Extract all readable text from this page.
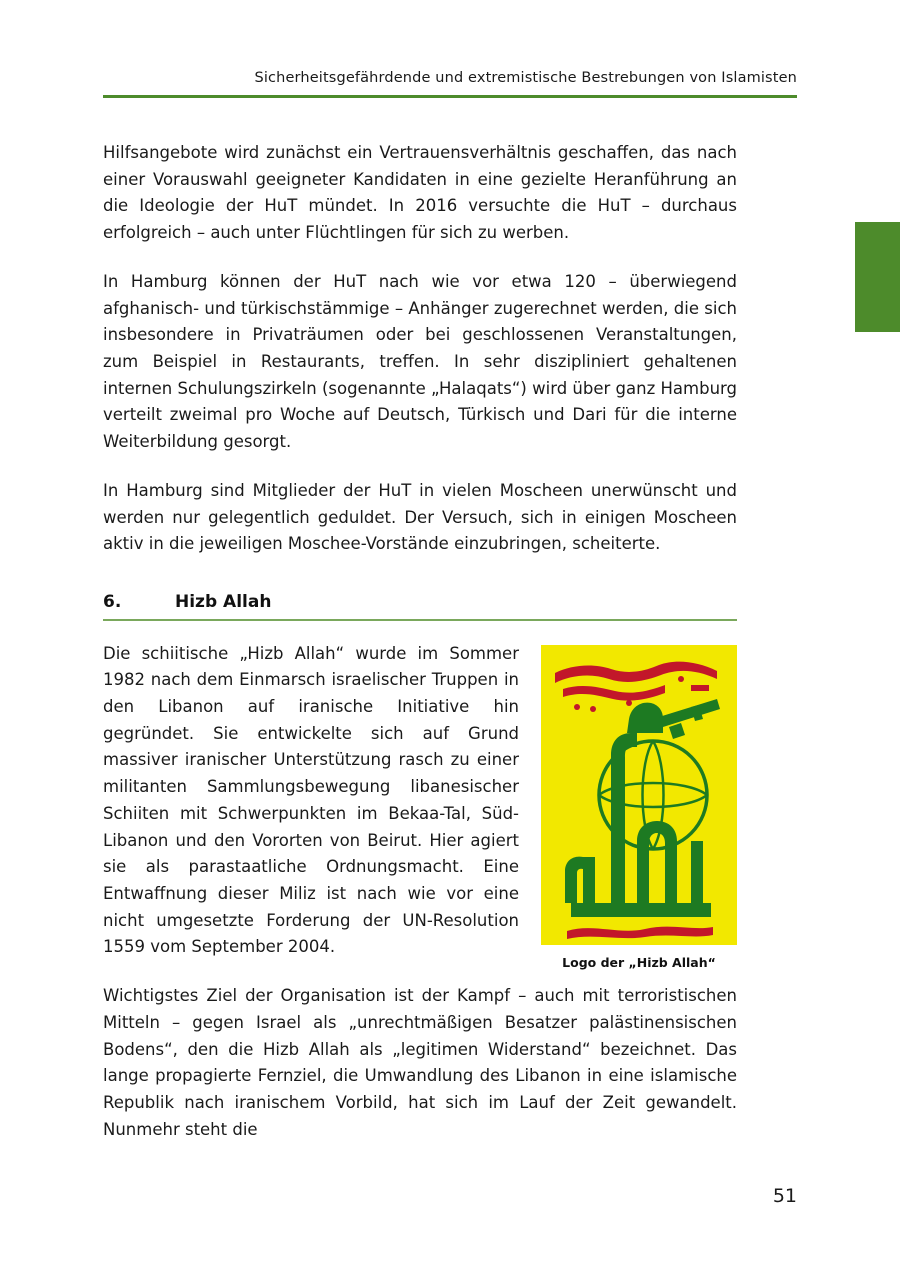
Sicherheitsgefährdende und extremistische Bestrebungen von Islamisten

Hilfsangebote wird zunächst ein Vertrauensverhältnis geschaffen, das nach einer Vorauswahl geeigneter Kandidaten in eine gezielte Heranführung an die Ideologie der HuT mündet. In 2016 versuchte die HuT – durchaus erfolgreich – auch unter Flüchtlingen für sich zu werben.

In Hamburg können der HuT nach wie vor etwa 120 – überwiegend afghanisch- und türkischstämmige – Anhänger zugerechnet werden, die sich insbesondere in Privaträumen oder bei geschlossenen Veranstaltungen, zum Beispiel in Restaurants, treffen. In sehr diszipliniert gehaltenen internen Schulungszirkeln (sogenannte „Halaqats“) wird über ganz Hamburg verteilt zweimal pro Woche auf Deutsch, Türkisch und Dari für die interne Weiterbildung gesorgt.

In Hamburg sind Mitglieder der HuT in vielen Moscheen unerwünscht und werden nur gelegentlich geduldet. Der Versuch, sich in einigen Moscheen aktiv in die jeweiligen Moschee-Vorstände einzubringen, scheiterte.

6.	Hizb Allah
Logo der „Hizb Allah“

Die schiitische „Hizb Allah“ wurde im Sommer 1982 nach dem Einmarsch israelischer Truppen in den Libanon auf iranische Initiative hin gegründet. Sie entwickelte sich auf Grund massiver iranischer Unterstützung rasch zu einer militanten Sammlungsbewegung libanesischer Schiiten mit Schwerpunkten im Bekaa-Tal, Süd-Libanon und den Vororten von Beirut. Hier agiert sie als parastaatliche Ordnungsmacht. Eine Entwaffnung dieser Miliz ist nach wie vor eine nicht umgesetzte Forderung der UN-Resolution 1559 vom September 2004.

Wichtigstes Ziel der Organisation ist der Kampf – auch mit terroristischen Mitteln – gegen Israel als „unrechtmäßigen Besatzer palästinensischen Bodens“, den die Hizb Allah als „legitimen Widerstand“ bezeichnet. Das lange propagierte Fernziel, die Umwandlung des Libanon in eine islamische Republik nach iranischem Vorbild, hat sich im Lauf der Zeit gewandelt. Nunmehr steht die

51
